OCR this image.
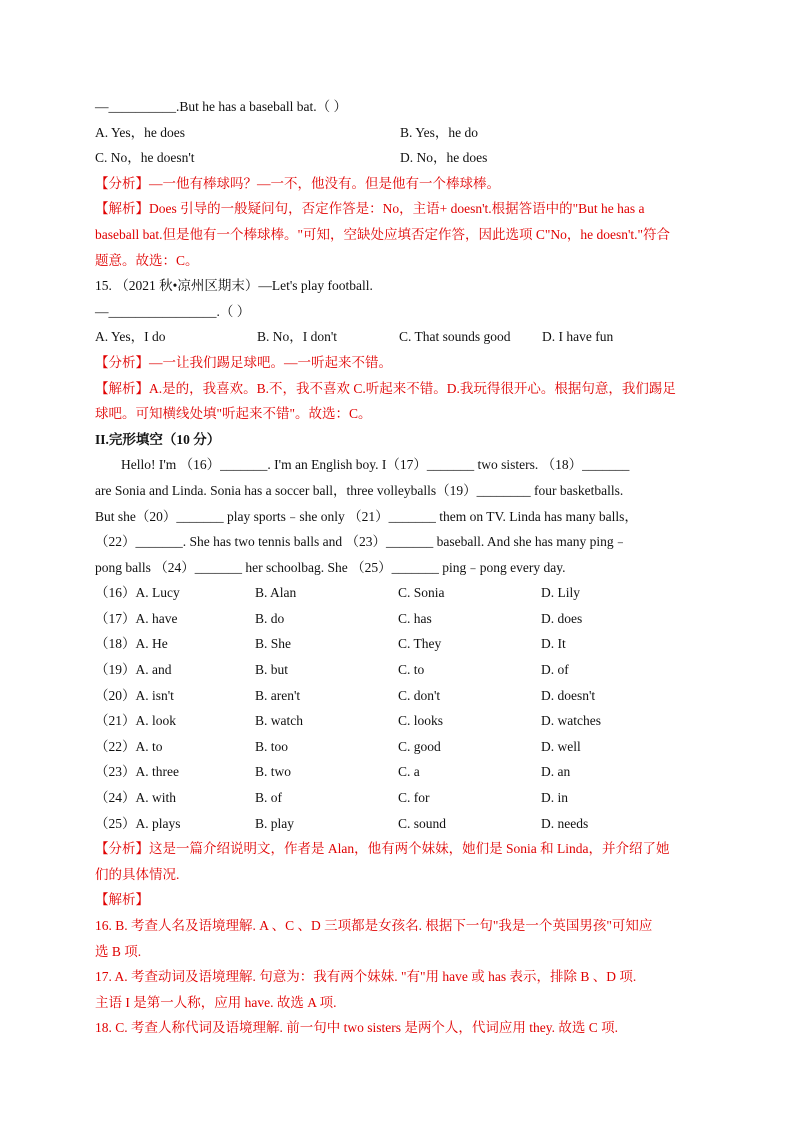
—__________.But he has a baseball bat.（ ）
A. Yes，he does	B. Yes，he do
C. No，he doesn't	D. No，he does
【分析】—一他有棒球吗？—一不，他没有。但是他有一个棒球棒。
【解析】Does 引导的一般疑问句，否定作答是：No，主语+ doesn't.根据答语中的"But he has a
baseball bat.但是他有一个棒球棒。"可知，空缺处应填否定作答，因此选项 C"No，he doesn't."符合
题意。故选：C。
15. （2021 秋•凉州区期末）—Let's play football.
—________________.（ ）
A. Yes，I do	B. No，I don't	C. That sounds good	D. I have fun
【分析】—一让我们踢足球吧。—一听起来不错。
【解析】A.是的，我喜欢。B.不，我不喜欢 C.听起来不错。D.我玩得很开心。根据句意，我们踢足
球吧。可知横线处填"听起来不错"。故选：C。
II.完形填空（10 分）
Hello! I'm （16）_______. I'm an English boy. I（17）_______ two sisters. （18）_______
are Sonia and Linda. Sonia has a soccer ball，three volleyballs（19）________ four basketballs.
But she（20）_______ play sports﹣she only （21）_______ them on TV. Linda has many balls，
（22）_______. She has two tennis balls and （23）_______ baseball. And she has many ping﹣
pong balls （24）_______ her schoolbag. She （25）_______ ping﹣pong every day.
（16）A. Lucy	B. Alan	C. Sonia	D. Lily
（17）A. have	B. do	C. has	D. does
（18）A. He	B. She	C. They	D. It
（19）A. and	B. but	C. to	D. of
（20）A. isn't	B. aren't	C. don't	D. doesn't
（21）A. look	B. watch	C. looks	D. watches
（22）A. to	B. too	C. good	D. well
（23）A. three	B. two	C. a	D. an
（24）A. with	B. of	C. for	D. in
（25）A. plays	B. play	C. sound	D. needs
【分析】这是一篇介绍说明文，作者是 Alan，他有两个妹妹，她们是 Sonia 和 Linda，并介绍了她
们的具体情况.
【解析】
16. B. 考查人名及语境理解. A 、C 、D 三项都是女孩名. 根据下一句"我是一个英国男孩"可知应
选 B 项.
17. A. 考查动词及语境理解. 句意为：我有两个妹妹. "有"用 have 或 has 表示，排除 B 、D 项.
主语 I 是第一人称，应用 have. 故选 A 项.
18. C. 考查人称代词及语境理解. 前一句中 two sisters 是两个人，代词应用 they. 故选 C 项.
